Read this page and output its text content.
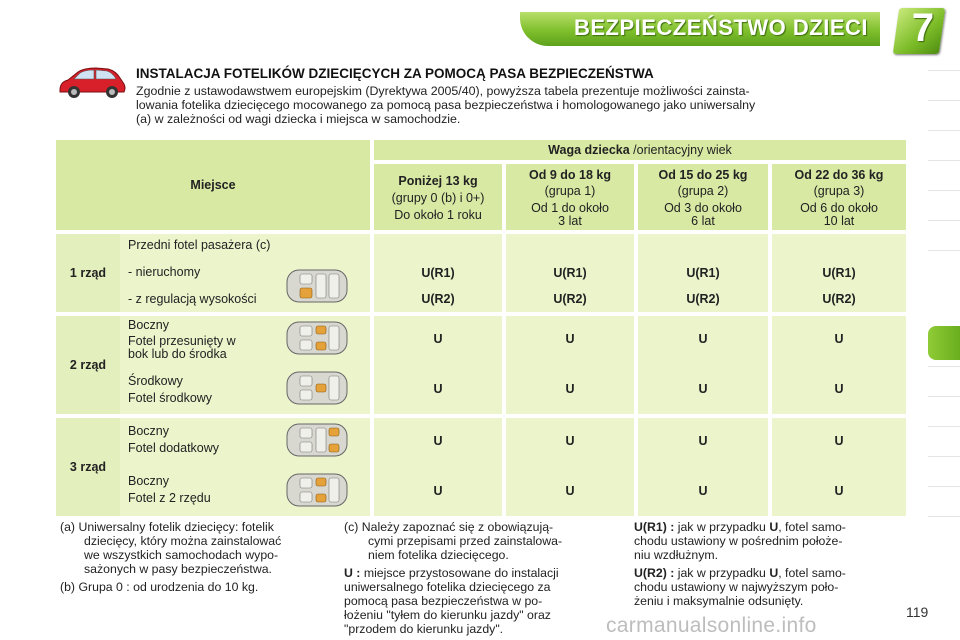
BEZPIECZEŃSTWO DZIECI 7
INSTALACJA FOTELIKÓW DZIECIĘCYCH ZA POMOCĄ PASA BEZPIECZEŃSTWA
Zgodnie z ustawodawstwem europejskim (Dyrektywa 2005/40), powyższa tabela prezentuje możliwości zainsta-
lowania fotelika dziecięcego mocowanego za pomocą pasa bezpieczeństwa i homologowanego jako uniwersalny
(a) w zależności od wagi dziecka i miejsca w samochodzie.
Miejsce
Waga dziecka /orientacyjny wiek
Poniżej 13 kg
(grupy 0 (b) i 0+)
Do około 1 roku
Od 9 do 18 kg
(grupa 1)
Od 1 do około
3 lat
Od 15 do 25 kg
(grupa 2)
Od 3 do około
6 lat
Od 22 do 36 kg
(grupa 3)
Od 6 do około
10 lat
1 rząd
Przedni fotel pasażera (c)
- nieruchomy
- z regulacją wysokości
U(R1)
U(R2)
U(R1)
U(R2)
U(R1)
U(R2)
U(R1)
U(R2)
2 rząd
Boczny
Fotel przesunięty w
bok lub do środka
Środkowy
Fotel środkowy
U
U
U
U
U
U
U
U
3 rząd
Boczny
Fotel dodatkowy
Boczny
Fotel z 2 rzędu
U
U
U
U
U
U
U
U
(a) Uniwersalny fotelik dziecięcy: fotelik
dziecięcy, który można zainstalować
we wszystkich samochodach wypo-
sażonych w pasy bezpieczeństwa.
(b) Grupa 0 : od urodzenia do 10 kg.
(c) Należy zapoznać się z obowiązują-
cymi przepisami przed zainstalowa-
niem fotelika dziecięcego.
U : miejsce przystosowane do instalacji
uniwersalnego fotelika dziecięcego za
pomocą pasa bezpieczeństwa w po-
łożeniu "tyłem do kierunku jazdy" oraz
"przodem do kierunku jazdy".
U(R1) : jak w przypadku U, fotel samo-
chodu ustawiony w pośrednim położe-
niu wzdłużnym.
U(R2) : jak w przypadku U, fotel samo-
chodu ustawiony w najwyższym poło-
żeniu i maksymalnie odsunięty.
119
carmanualsonline.info
